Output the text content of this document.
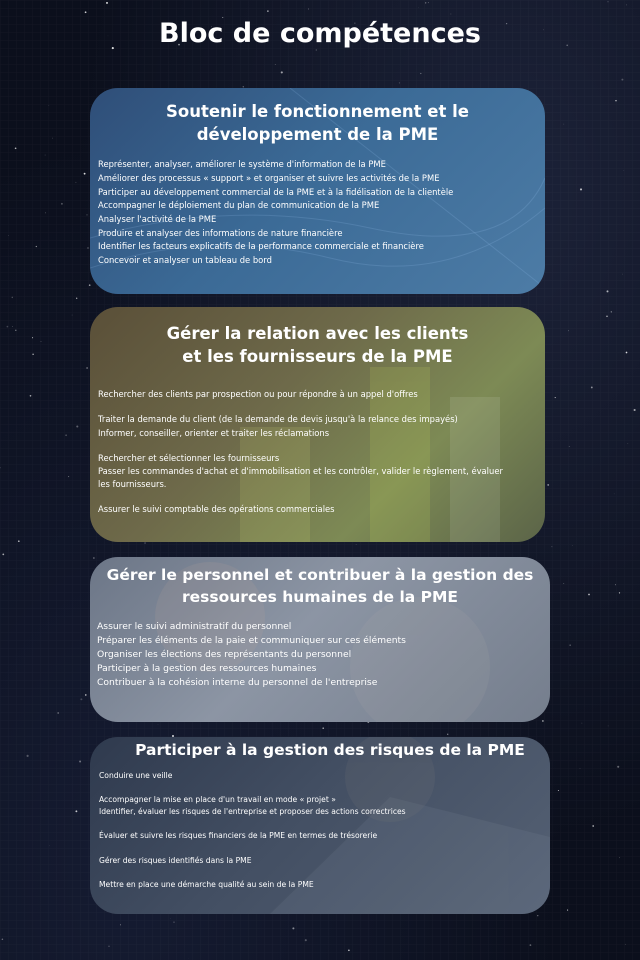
Bloc de compétences
Soutenir le fonctionnement et le
développement de la PME
Représenter, analyser, améliorer le système d'information de la PME
Améliorer des processus « support » et organiser et suivre les activités de la PME
Participer au développement commercial de la PME et à la fidélisation de la clientèle
Accompagner le déploiement du plan de communication de la PME
Analyser l'activité de la PME
Produire et analyser des informations de nature financière
Identifier les facteurs explicatifs de la performance commerciale et financière
Concevoir et analyser un tableau de bord
Gérer la relation avec les clients
et les fournisseurs de la PME
Rechercher des clients par prospection ou pour répondre à un appel d'offres
Traiter la demande du client (de la demande de devis jusqu'à la relance des impayés)
Informer, conseiller, orienter et traiter les réclamations
Rechercher et sélectionner les fournisseurs
Passer les commandes d'achat et d'immobilisation et les contrôler, valider le règlement, évaluer
les fournisseurs.
Assurer le suivi comptable des opérations commerciales
Gérer le personnel et contribuer à la gestion des
ressources humaines de la PME
Assurer le suivi administratif du personnel
Préparer les éléments de la paie et communiquer sur ces éléments
Organiser les élections des représentants du personnel
Participer à la gestion des ressources humaines
Contribuer à la cohésion interne du personnel de l'entreprise
Participer à la gestion des risques de la PME
Conduire une veille
Accompagner la mise en place d'un travail en mode « projet »
Identifier, évaluer les risques de l'entreprise et proposer des actions correctrices
Évaluer et suivre les risques financiers de la PME en termes de trésorerie
Gérer des risques identifiés dans la PME
Mettre en place une démarche qualité au sein de la PME
